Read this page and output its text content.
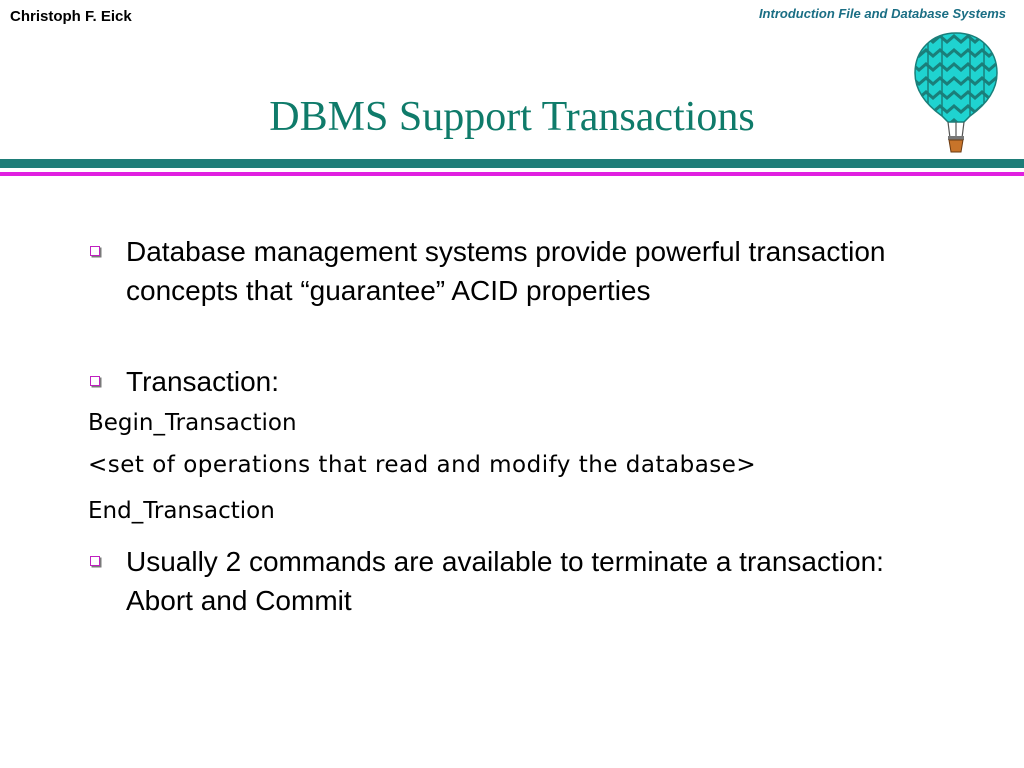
Christoph F. Eick	Introduction File and Database Systems
DBMS Support Transactions
Database management systems provide powerful transaction concepts that “guarantee” ACID properties
Transaction:
Begin_Transaction
<set of operations that read and modify the database>
End_Transaction
Usually 2 commands are available to terminate a transaction: Abort and Commit
